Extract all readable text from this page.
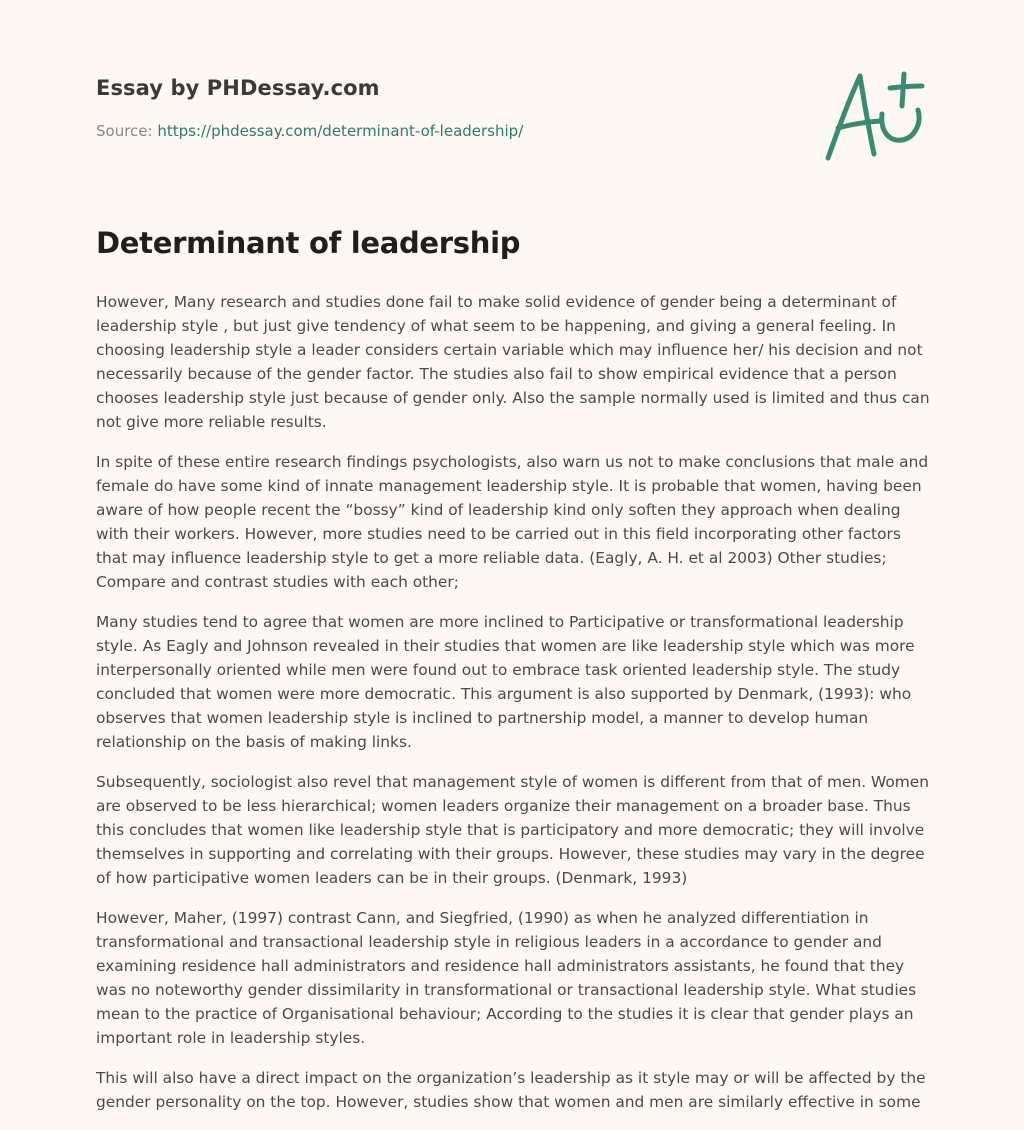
Essay by PHDessay.com
Source: https://phdessay.com/determinant-of-leadership/
Determinant of leadership

However, Many research and studies done fail to make solid evidence of gender being a determinant of leadership style , but just give tendency of what seem to be happening, and giving a general feeling. In choosing leadership style a leader considers certain variable which may influence her/ his decision and not necessarily because of the gender factor. The studies also fail to show empirical evidence that a person chooses leadership style just because of gender only. Also the sample normally used is limited and thus can not give more reliable results.

In spite of these entire research findings psychologists, also warn us not to make conclusions that male and female do have some kind of innate management leadership style. It is probable that women, having been aware of how people recent the “bossy” kind of leadership kind only soften they approach when dealing with their workers. However, more studies need to be carried out in this field incorporating other factors that may influence leadership style to get a more reliable data. (Eagly, A. H. et al 2003) Other studies; Compare and contrast studies with each other;

Many studies tend to agree that women are more inclined to Participative or transformational leadership style. As Eagly and Johnson revealed in their studies that women are like leadership style which was more interpersonally oriented while men were found out to embrace task oriented leadership style. The study concluded that women were more democratic. This argument is also supported by Denmark, (1993): who observes that women leadership style is inclined to partnership model, a manner to develop human relationship on the basis of making links.

Subsequently, sociologist also revel that management style of women is different from that of men. Women are observed to be less hierarchical; women leaders organize their management on a broader base. Thus this concludes that women like leadership style that is participatory and more democratic; they will involve themselves in supporting and correlating with their groups. However, these studies may vary in the degree of how participative women leaders can be in their groups. (Denmark, 1993)

However, Maher, (1997) contrast Cann, and Siegfried, (1990) as when he analyzed differentiation in transformational and transactional leadership style in religious leaders in a accordance to gender and examining residence hall administrators and residence hall administrators assistants, he found that they was no noteworthy gender dissimilarity in transformational or transactional leadership style. What studies mean to the practice of Organisational behaviour; According to the studies it is clear that gender plays an important role in leadership styles.

This will also have a direct impact on the organization’s leadership as it style may or will be affected by the gender personality on the top. However, studies show that women and men are similarly effective in some
